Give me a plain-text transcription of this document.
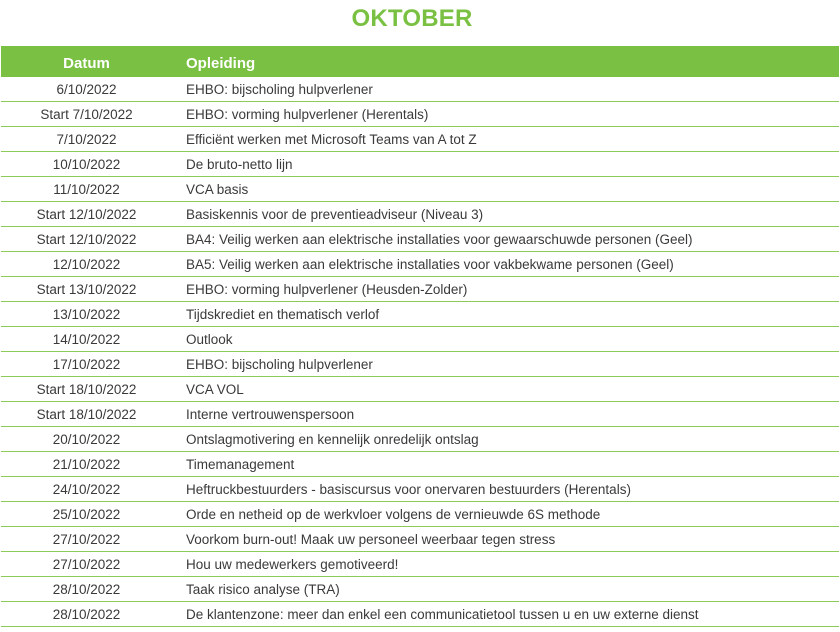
OKTOBER
Datum	Opleiding
6/10/2022	EHBO: bijscholing hulpverlener
Start 7/10/2022	EHBO: vorming hulpverlener (Herentals)
7/10/2022	Efficiënt werken met Microsoft Teams van A tot Z
10/10/2022	De bruto-netto lijn
11/10/2022	VCA basis
Start 12/10/2022	Basiskennis voor de preventieadviseur (Niveau 3)
Start 12/10/2022	BA4: Veilig werken aan elektrische installaties voor gewaarschuwde personen (Geel)
12/10/2022	BA5: Veilig werken aan elektrische installaties voor vakbekwame personen (Geel)
Start 13/10/2022	EHBO: vorming hulpverlener (Heusden-Zolder)
13/10/2022	Tijdskrediet en thematisch verlof
14/10/2022	Outlook
17/10/2022	EHBO: bijscholing hulpverlener
Start 18/10/2022	VCA VOL
Start 18/10/2022	Interne vertrouwenspersoon
20/10/2022	Ontslagmotivering en kennelijk onredelijk ontslag
21/10/2022	Timemanagement
24/10/2022	Heftruckbestuurders - basiscursus voor onervaren bestuurders (Herentals)
25/10/2022	Orde en netheid op de werkvloer volgens de vernieuwde 6S methode
27/10/2022	Voorkom burn-out! Maak uw personeel weerbaar tegen stress
27/10/2022	Hou uw medewerkers gemotiveerd!
28/10/2022	Taak risico analyse (TRA)
28/10/2022	De klantenzone: meer dan enkel een communicatietool tussen u en uw externe dienst
